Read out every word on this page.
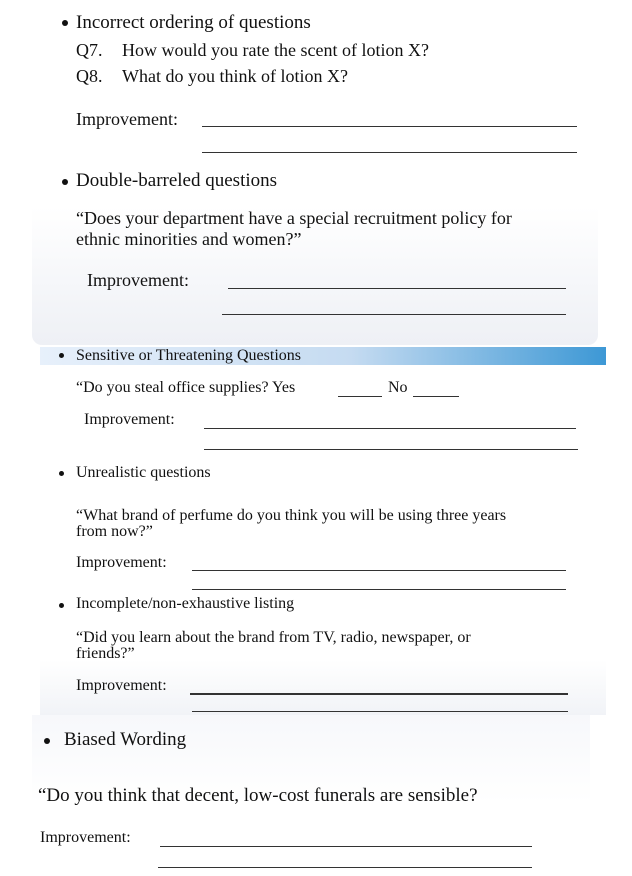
Incorrect ordering of questions
Q7. How would you rate the scent of lotion X?
Q8. What do you think of lotion X?
Improvement:
Double-barreled questions
“Does your department have a special recruitment policy for
ethnic minorities and women?”
Improvement:
Sensitive or Threatening Questions
“Do you steal office supplies? Yes	No
Improvement:
Unrealistic questions
“What brand of perfume do you think you will be using three years
from now?”
Improvement:
Incomplete/non-exhaustive listing
“Did you learn about the brand from TV, radio, newspaper, or
friends?”
Improvement:
Biased Wording
“Do you think that decent, low-cost funerals are sensible?
Improvement:
